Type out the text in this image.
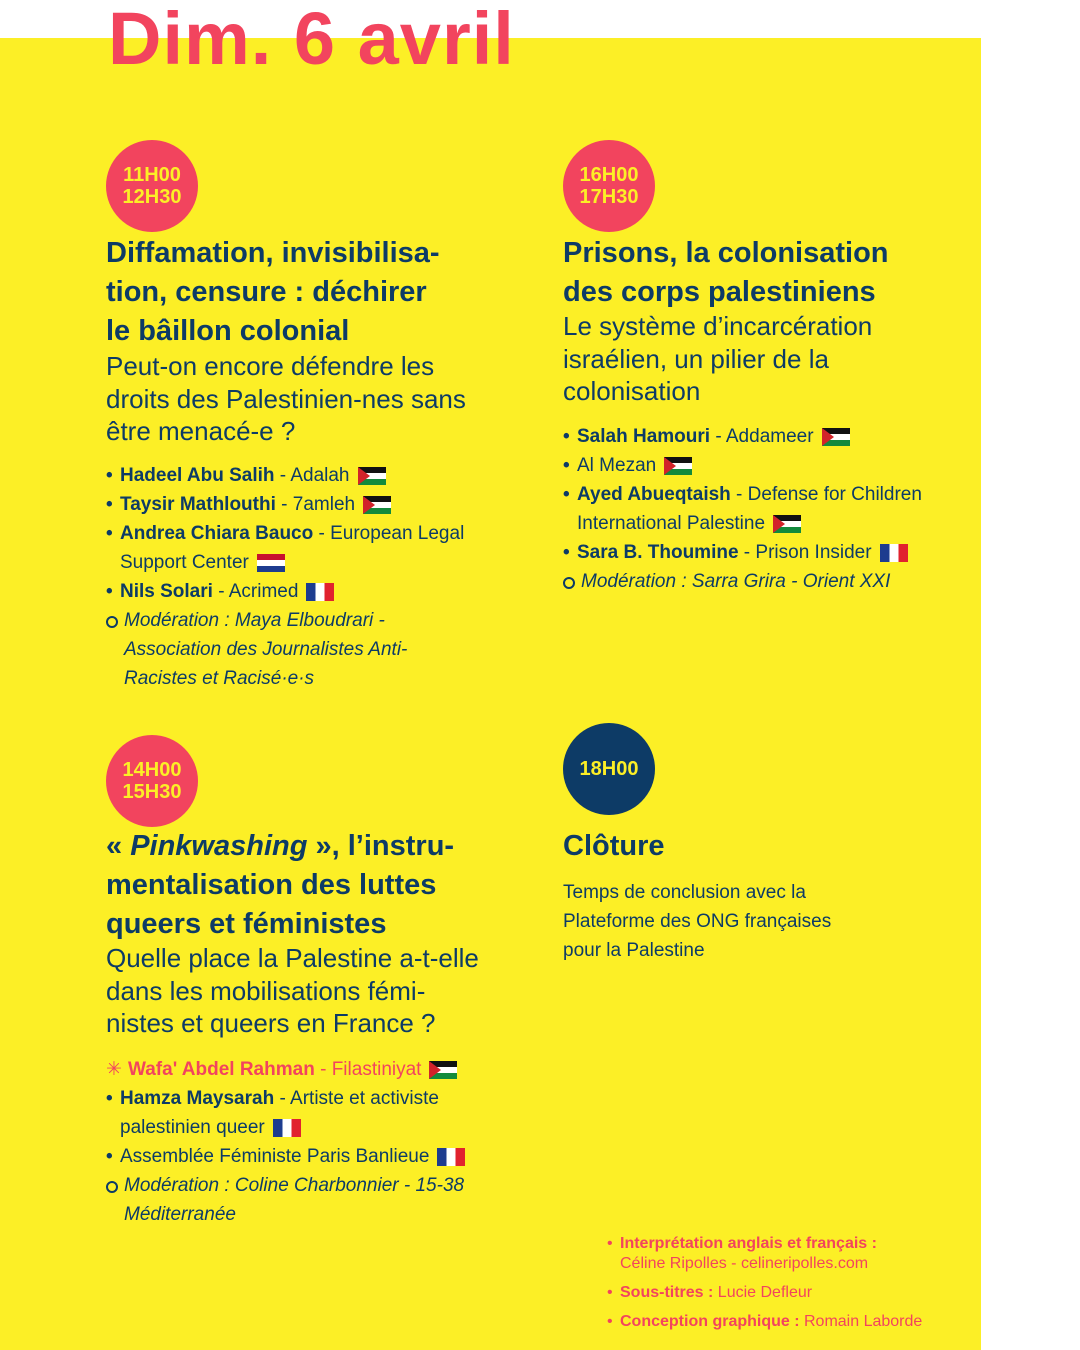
Dim. 6 avril
11H00
12H30
Diffamation, invisibilisa-
tion, censure : déchirer
le bâillon colonial

Peut-on encore défendre les
droits des Palestinien-nes sans
être menacé-e ?

• Hadeel Abu Salih - Adalah
• Taysir Mathlouthi - 7amleh
• Andrea Chiara Bauco - European Legal Support Center
• Nils Solari - Acrimed
Modération : Maya Elboudrari - Association des Journalistes Anti-Racistes et Racisé·e·s
16H00
17H30
Prisons, la colonisation
des corps palestiniens

Le système d’incarcération
israélien, un pilier de la
colonisation

• Salah Hamouri - Addameer
• Al Mezan
• Ayed Abueqtaish - Defense for Children International Palestine
• Sara B. Thoumine - Prison Insider
Modération : Sarra Grira - Orient XXI
14H00
15H30
« Pinkwashing », l’instru-
mentalisation des luttes
queers et féministes

Quelle place la Palestine a-t-elle
dans les mobilisations fémi-
nistes et queers en France ?

✳ Wafa' Abdel Rahman - Filastiniyat
• Hamza Maysarah - Artiste et activiste palestinien queer
• Assemblée Féministe Paris Banlieue
Modération : Coline Charbonnier - 15-38 Méditerranée
18H00
Clôture

Temps de conclusion avec la
Plateforme des ONG françaises
pour la Palestine

• Interprétation anglais et français :
Céline Ripolles - celineripolles.com
• Sous-titres : Lucie Defleur
• Conception graphique : Romain Laborde
